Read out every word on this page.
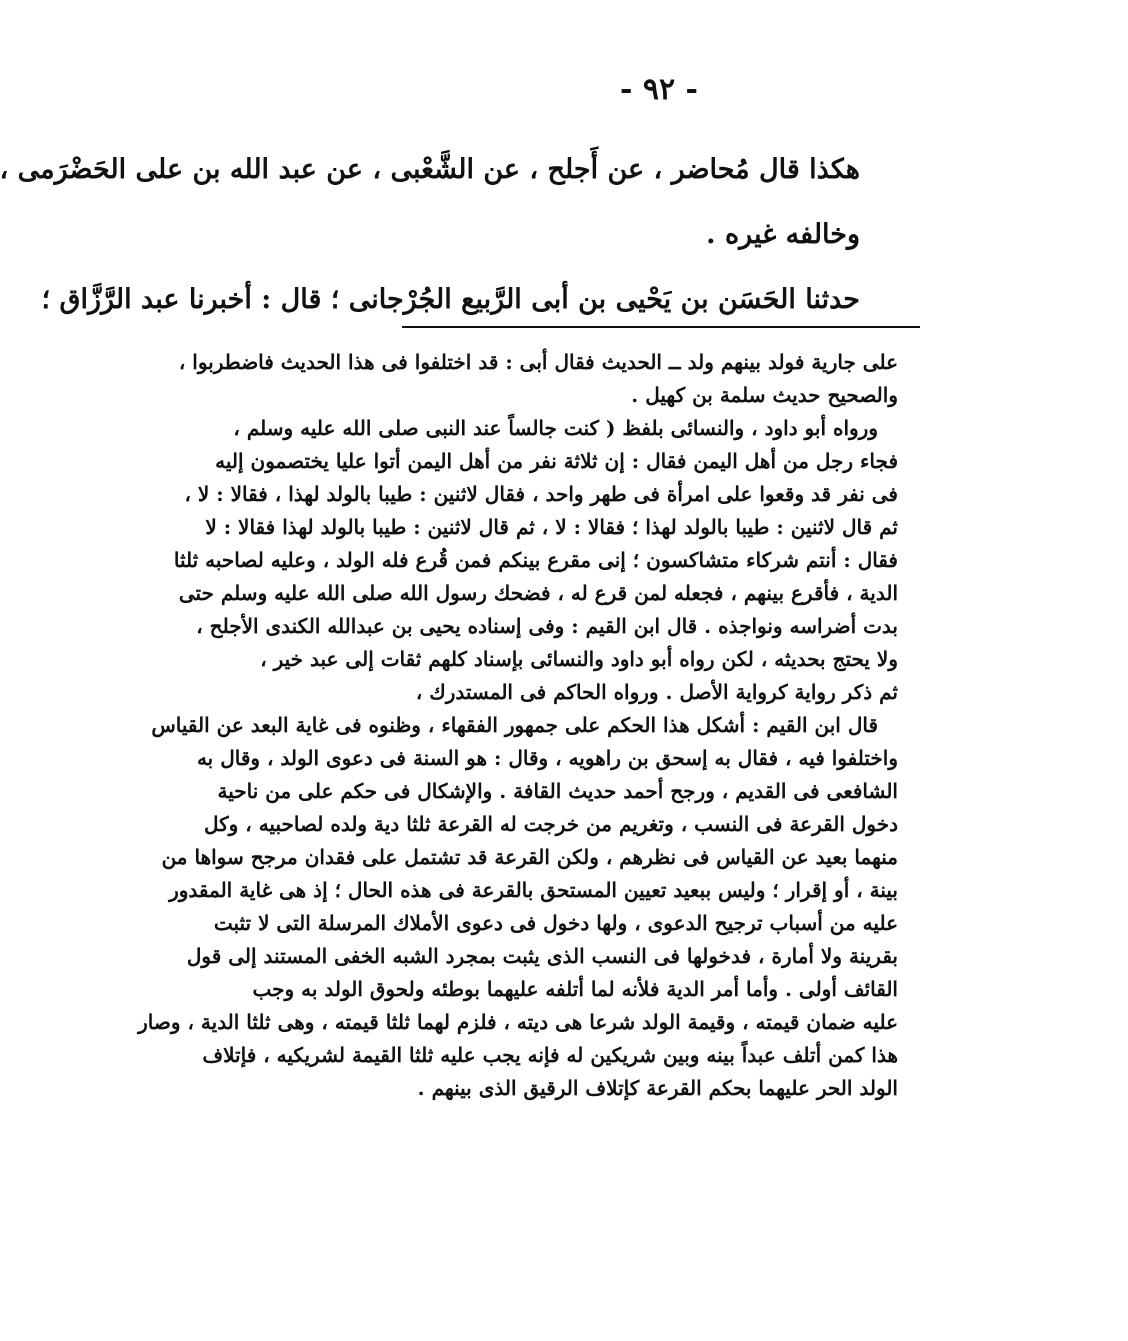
- ٩٢ -
هكذا قال مُحاضر ، عن أَجلح ، عن الشَّعْبى ، عن عبد الله بن على الحَضْرَمى ،
وخالفه غيره .
حدثنا الحَسَن بن يَحْيى بن أبى الرَّبيع الجُرْجانى ؛ قال : أخبرنا عبد الرَّزَّاق ؛
على جارية فولد بينهم ولد ــ الحديث فقال أبى : قد اختلفوا فى هذا الحديث فاضطربوا ،
والصحيح حديث سلمة بن كهيل .
ورواه أبو داود ، والنسائى بلفظ ( كنت جالساً عند النبى صلى الله عليه وسلم ،
فجاء رجل من أهل اليمن فقال : إن ثلاثة نفر من أهل اليمن أتوا عليا يختصمون إليه
فى نفر قد وقعوا على امرأة فى طهر واحد ، فقال لاثنين : طيبا بالولد لهذا ، فقالا : لا ،
ثم قال لاثنين : طيبا بالولد لهذا ؛ فقالا : لا ، ثم قال لاثنين : طيبا بالولد لهذا فقالا : لا
فقال : أنتم شركاء متشاكسون ؛ إنى مقرع بينكم فمن قُرع فله الولد ، وعليه لصاحبه ثلثا
الدية ، فأقرع بينهم ، فجعله لمن قرع له ، فضحك رسول الله صلى الله عليه وسلم حتى
بدت أضراسه ونواجذه . قال ابن القيم : وفى إسناده يحيى بن عبدالله الكندى الأجلح ،
ولا يحتج بحديثه ، لكن رواه أبو داود والنسائى بإسناد كلهم ثقات إلى عبد خير ،
ثم ذكر رواية كرواية الأصل . ورواه الحاكم فى المستدرك ،
قال ابن القيم : أشكل هذا الحكم على جمهور الفقهاء ، وظنوه فى غاية البعد عن القياس
واختلفوا فيه ، فقال به إسحق بن راهويه ، وقال : هو السنة فى دعوى الولد ، وقال به
الشافعى فى القديم ، ورجح أحمد حديث القافة . والإشكال فى حكم على من ناحية
دخول القرعة فى النسب ، وتغريم من خرجت له القرعة ثلثا دية ولده لصاحبيه ، وكل
منهما بعيد عن القياس فى نظرهم ، ولكن القرعة قد تشتمل على فقدان مرجح سواها من
بينة ، أو إقرار ؛ وليس ببعيد تعيين المستحق بالقرعة فى هذه الحال ؛ إذ هى غاية المقدور
عليه من أسباب ترجيح الدعوى ، ولها دخول فى دعوى الأملاك المرسلة التى لا تثبت
بقرينة ولا أمارة ، فدخولها فى النسب الذى يثبت بمجرد الشبه الخفى المستند إلى قول
القائف أولى . وأما أمر الدية فلأنه لما أتلفه عليهما بوطئه ولحوق الولد به وجب
عليه ضمان قيمته ، وقيمة الولد شرعا هى ديته ، فلزم لهما ثلثا قيمته ، وهى ثلثا الدية ، وصار
هذا كمن أتلف عبداً بينه وبين شريكين له فإنه يجب عليه ثلثا القيمة لشريكيه ، فإتلاف
الولد الحر عليهما بحكم القرعة كإتلاف الرقيق الذى بينهم .
